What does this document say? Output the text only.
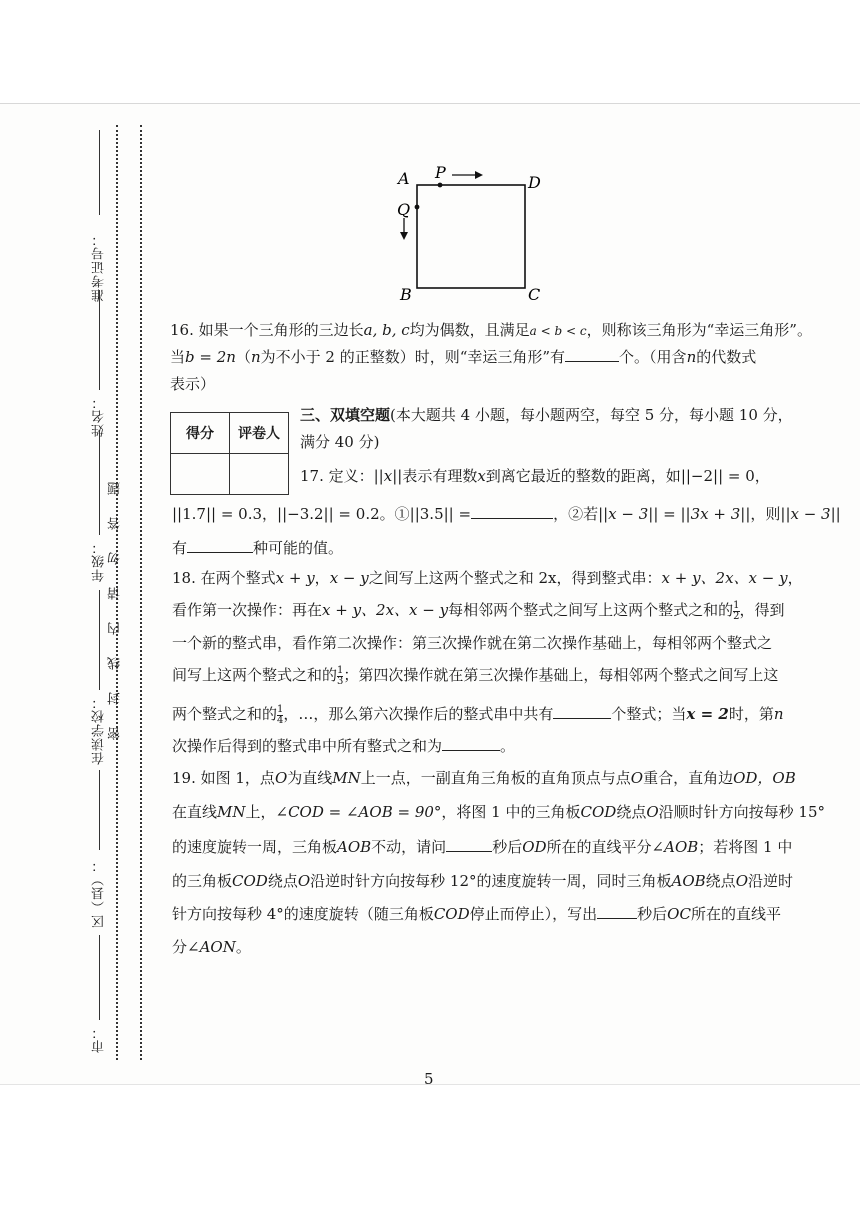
准考证号：
姓名：
年级：
在读学校：
区（县）：
市：
密封线内请勿答题
A P
D
Q
B	C
16. 如果一个三角形的三边长a, b, c均为偶数，且满足a < b < c，则称该三角形为“幸运三角形”。
当b = 2n（n为不小于 2 的正整数）时，则“幸运三角形”有	个。（用含n的代数式
表示）
得分	评卷人

三、双填空题(本大题共 4 小题，每小题两空，每空 5 分，每小题 10 分，
满分 40 分)
17. 定义：||x||表示有理数x到离它最近的整数的距离，如||−2|| = 0，
||1.7|| = 0.3，||−3.2|| = 0.2。①||3.5|| =	，②若||x − 3|| = ||3x + 3||，则||x − 3||
有	种可能的值。
18. 在两个整式x + y，x − y之间写上这两个整式之和 2x，得到整式串：x + y、2x、x − y，
看作第一次操作：再在x + y、2x、x − y每相邻两个整式之间写上这两个整式之和的 $\frac{1}{2}$ ，得到
一个新的整式串，看作第二次操作：第三次操作就在第二次操作基础上，每相邻两个整式之
间写上这两个整式之和的 $\frac{1}{3}$ ；第四次操作就在第三次操作基础上，每相邻两个整式之间写上这
两个整式之和的 $\frac{1}{4}$ ，…，那么第六次操作后的整式串中共有	个整式；当x = 2时，第n
次操作后得到的整式串中所有整式之和为	。
19. 如图 1，点O为直线MN上一点，一副直角三角板的直角顶点与点O重合，直角边OD，OB
在直线MN上，∠COD = ∠AOB = 90°，将图 1 中的三角板COD绕点O沿顺时针方向按每秒 15°
的速度旋转一周，三角板AOB不动，请问	秒后OD所在的直线平分∠AOB；若将图 1 中
的三角板COD绕点O沿逆时针方向按每秒 12°的速度旋转一周，同时三角板AOB绕点O沿逆时
针方向按每秒 4°的速度旋转（随三角板COD停止而停止），写出	秒后OC所在的直线平
分∠AON。
5
